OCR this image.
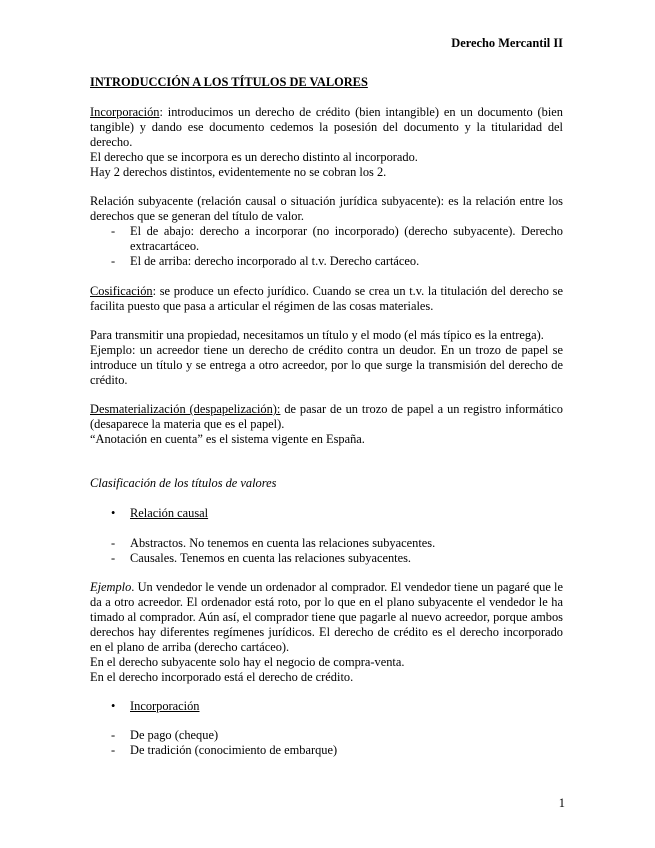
Derecho Mercantil II
INTRODUCCIÓN A LOS TÍTULOS DE VALORES

Incorporación: introducimos un derecho de crédito (bien intangible) en un documento (bien tangible) y dando ese documento cedemos la posesión del documento y la titularidad del derecho.

El derecho que se incorpora es un derecho distinto al incorporado.

Hay 2 derechos distintos, evidentemente no se cobran los 2.

Relación subyacente (relación causal o situación jurídica subyacente): es la relación entre los derechos que se generan del título de valor.

- El de abajo: derecho a incorporar (no incorporado) (derecho subyacente). Derecho extracartáceo.
- El de arriba: derecho incorporado al t.v. Derecho cartáceo.

Cosificación: se produce un efecto jurídico. Cuando se crea un t.v. la titulación del derecho se facilita puesto que pasa a articular el régimen de las cosas materiales.

Para transmitir una propiedad, necesitamos un título y el modo (el más típico es la entrega).

Ejemplo: un acreedor tiene un derecho de crédito contra un deudor. En un trozo de papel se introduce un título y se entrega a otro acreedor, por lo que surge la transmisión del derecho de crédito.

Desmaterialización (despapelización): de pasar de un trozo de papel a un registro informático (desaparece la materia que es el papel).

“Anotación en cuenta” es el sistema vigente en España.

Clasificación de los títulos de valores
• Relación causal
- Abstractos. No tenemos en cuenta las relaciones subyacentes.
- Causales. Tenemos en cuenta las relaciones subyacentes.

Ejemplo. Un vendedor le vende un ordenador al comprador. El vendedor tiene un pagaré que le da a otro acreedor. El ordenador está roto, por lo que en el plano subyacente el vendedor le ha timado al comprador. Aún así, el comprador tiene que pagarle al nuevo acreedor, porque ambos derechos hay diferentes regímenes jurídicos. El derecho de crédito es el derecho incorporado en el plano de arriba (derecho cartáceo).

En el derecho subyacente solo hay el negocio de compra-venta.

En el derecho incorporado está el derecho de crédito.

• Incorporación
- De pago (cheque)
- De tradición (conocimiento de embarque)
1
